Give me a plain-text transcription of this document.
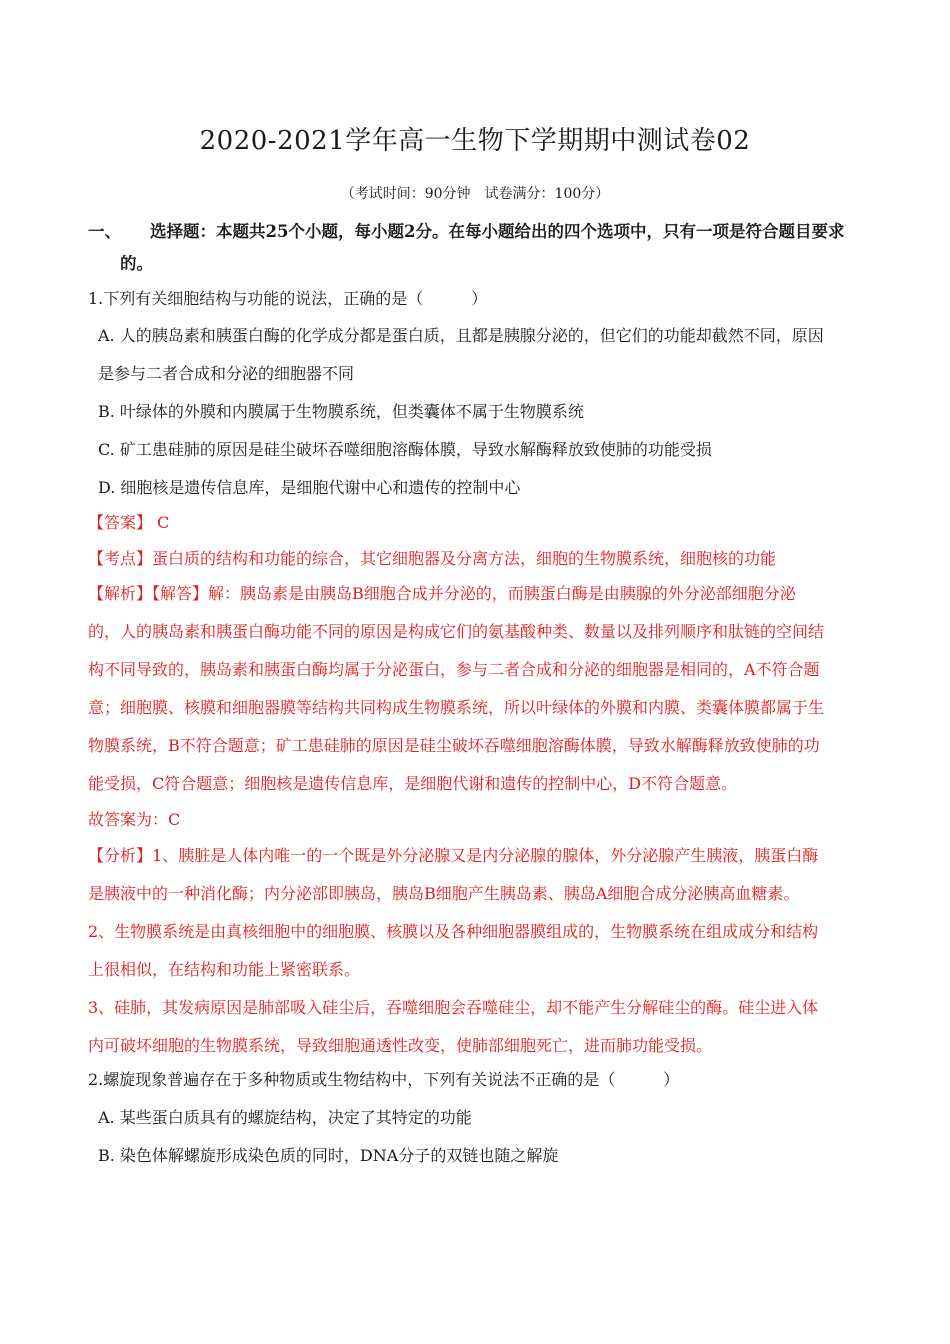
2020-2021学年高一生物下学期期中测试卷02
（考试时间：90分钟　试卷满分：100分）
一、 选择题：本题共25个小题，每小题2分。在每小题给出的四个选项中，只有一项是符合题目要求
的。
1.下列有关细胞结构与功能的说法，正确的是（　　　）
A. 人的胰岛素和胰蛋白酶的化学成分都是蛋白质，且都是胰腺分泌的，但它们的功能却截然不同，原因
是参与二者合成和分泌的细胞器不同
B. 叶绿体的外膜和内膜属于生物膜系统，但类囊体不属于生物膜系统
C. 矿工患硅肺的原因是硅尘破坏吞噬细胞溶酶体膜，导致水解酶释放致使肺的功能受损
D. 细胞核是遗传信息库，是细胞代谢中心和遗传的控制中心
【答案】 C
【考点】蛋白质的结构和功能的综合，其它细胞器及分离方法，细胞的生物膜系统，细胞核的功能
【解析】【解答】解：胰岛素是由胰岛B细胞合成并分泌的，而胰蛋白酶是由胰腺的外分泌部细胞分泌
的，人的胰岛素和胰蛋白酶功能不同的原因是构成它们的氨基酸种类、数量以及排列顺序和肽链的空间结
构不同导致的，胰岛素和胰蛋白酶均属于分泌蛋白，参与二者合成和分泌的细胞器是相同的，A不符合题
意；细胞膜、核膜和细胞器膜等结构共同构成生物膜系统，所以叶绿体的外膜和内膜、类囊体膜都属于生
物膜系统，B不符合题意；矿工患硅肺的原因是硅尘破坏吞噬细胞溶酶体膜，导致水解酶释放致使肺的功
能受损，C符合题意；细胞核是遗传信息库，是细胞代谢和遗传的控制中心，D不符合题意。
故答案为：C
【分析】1、胰脏是人体内唯一的一个既是外分泌腺又是内分泌腺的腺体，外分泌腺产生胰液，胰蛋白酶
是胰液中的一种消化酶；内分泌部即胰岛，胰岛B细胞产生胰岛素、胰岛A细胞合成分泌胰高血糖素。
2、生物膜系统是由真核细胞中的细胞膜、核膜以及各种细胞器膜组成的，生物膜系统在组成成分和结构
上很相似，在结构和功能上紧密联系。
3、硅肺，其发病原因是肺部吸入硅尘后，吞噬细胞会吞噬硅尘，却不能产生分解硅尘的酶。硅尘进入体
内可破坏细胞的生物膜系统，导致细胞通透性改变，使肺部细胞死亡，进而肺功能受损。
2.螺旋现象普遍存在于多种物质或生物结构中，下列有关说法不正确的是（　　　）
A. 某些蛋白质具有的螺旋结构，决定了其特定的功能
B. 染色体解螺旋形成染色质的同时，DNA分子的双链也随之解旋
